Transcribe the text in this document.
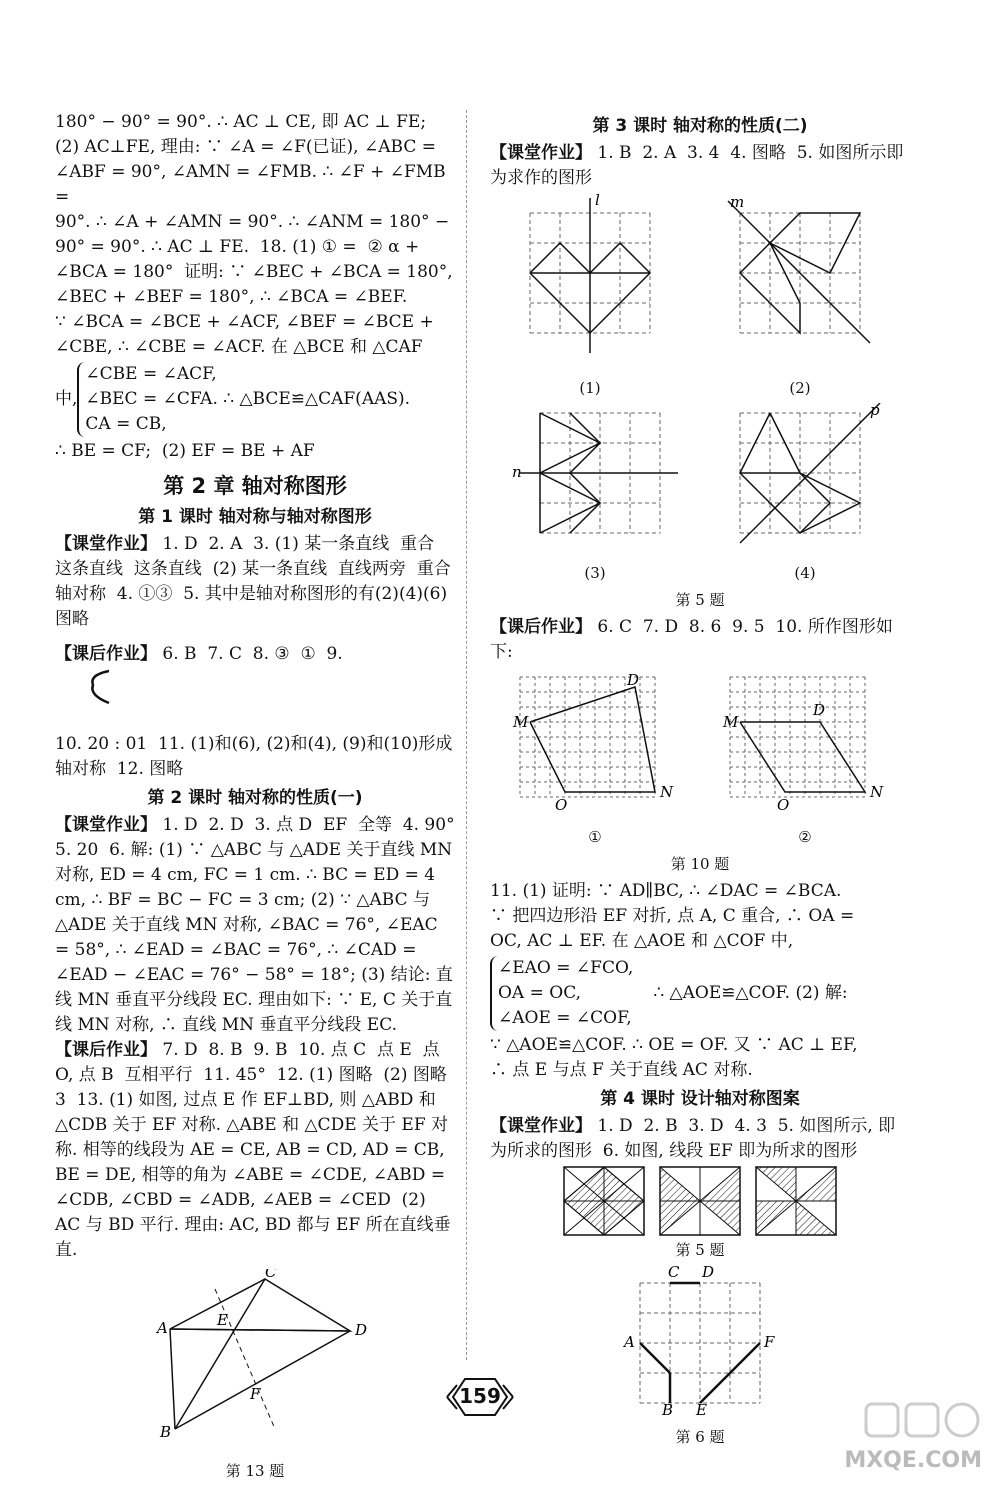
180° − 90° = 90°. ∴ AC ⊥ CE, 即 AC ⊥ FE;

(2) AC⊥FE, 理由: ∵ ∠A = ∠F(已证), ∠ABC =

∠ABF = 90°, ∠AMN = ∠FMB. ∴ ∠F + ∠FMB =

90°. ∴ ∠A + ∠AMN = 90°. ∴ ∠ANM = 180° −

90° = 90°. ∴ AC ⊥ FE.  18. (1) ① =  ② α +

∠BCA = 180°  证明: ∵ ∠BEC + ∠BCA = 180°,

∠BEC + ∠BEF = 180°, ∴ ∠BCA = ∠BEF.

∵ ∠BCA = ∠BCE + ∠ACF, ∠BEF = ∠BCE +

∠CBE, ∴ ∠CBE = ∠ACF. 在 △BCE 和 △CAF

中,

∠CBE = ∠ACF,

∠BEC = ∠CFA. ∴ △BCE≌△CAF(AAS).

CA = CB,

∴ BE = CF;  (2) EF = BE + AF

第 2 章 轴对称图形
第 1 课时 轴对称与轴对称图形

【课堂作业】 1. D  2. A  3. (1) 某一条直线  重合  这条直线  这条直线  (2) 某一条直线  直线两旁  重合  轴对称  4. ①③  5. 其中是轴对称图形的有(2)(4)(6)  图略

【课后作业】 6. B  7. C  8. ③  ①  9.

10. 20 : 01  11. (1)和(6), (2)和(4), (9)和(10)形成轴对称  12. 图略

第 2 课时 轴对称的性质(一)

【课堂作业】 1. D  2. D  3. 点 D  EF  全等  4. 90°  5. 20  6. 解: (1) ∵ △ABC 与 △ADE 关于直线 MN 对称, ED = 4 cm, FC = 1 cm. ∴ BC = ED = 4 cm, ∴ BF = BC − FC = 3 cm; (2) ∵ △ABC 与 △ADE 关于直线 MN 对称, ∠BAC = 76°, ∠EAC = 58°, ∴ ∠EAD = ∠BAC = 76°, ∴ ∠CAD = ∠EAD − ∠EAC = 76° − 58° = 18°; (3) 结论: 直线 MN 垂直平分线段 EC. 理由如下: ∵ E, C 关于直线 MN 对称, ∴ 直线 MN 垂直平分线段 EC.

【课后作业】 7. D  8. B  9. B  10. 点 C  点 E  点 O, 点 B  互相平行  11. 45°  12. (1) 图略  (2) 图略  3  13. (1) 如图, 过点 E 作 EF⊥BD, 则 △ABD 和 △CDB 关于 EF 对称. △ABE 和 △CDE 关于 EF 对称. 相等的线段为 AE = CE, AB = CD, AD = CB, BE = DE, 相等的角为 ∠ABE = ∠CDE, ∠ABD = ∠CDB, ∠CBD = ∠ADB, ∠AEB = ∠CED  (2) AC 与 BD 平行. 理由: AC, BD 都与 EF 所在直线垂直.

A
B
C
D
E
F
第 13 题
第 3 课时 轴对称的性质(二)

【课堂作业】 1. B  2. A  3. 4  4. 图略  5. 如图所示即为求作的图形

l
(1)
m
(2)
n
(3)
p
(4)
第 5 题

【课后作业】 6. C  7. D  8. 6  9. 5  10. 所作图形如下:

M
D
O
N
①
M
D
O
N
②
第 10 题

11. (1) 证明: ∵ AD∥BC, ∴ ∠DAC = ∠BCA.

∵ 把四边形沿 EF 对折, 点 A, C 重合, ∴ OA =

OC, AC ⊥ EF. 在 △AOE 和 △COF 中,

∠EAO = ∠FCO,

OA = OC,

∠AOE = ∠COF,

∴ △AOE≌△COF. (2) 解:

∵ △AOE≌△COF. ∴ OE = OF. 又 ∵ AC ⊥ EF,

∴ 点 E 与点 F 关于直线 AC 对称.

第 4 课时 设计轴对称图案

【课堂作业】 1. D  2. B  3. D  4. 3  5. 如图所示, 即为所求的图形  6. 如图, 线段 EF 即为所求的图形

第 5 题
C D
A	F
B E
第 6 题
159
MXQE.COM
